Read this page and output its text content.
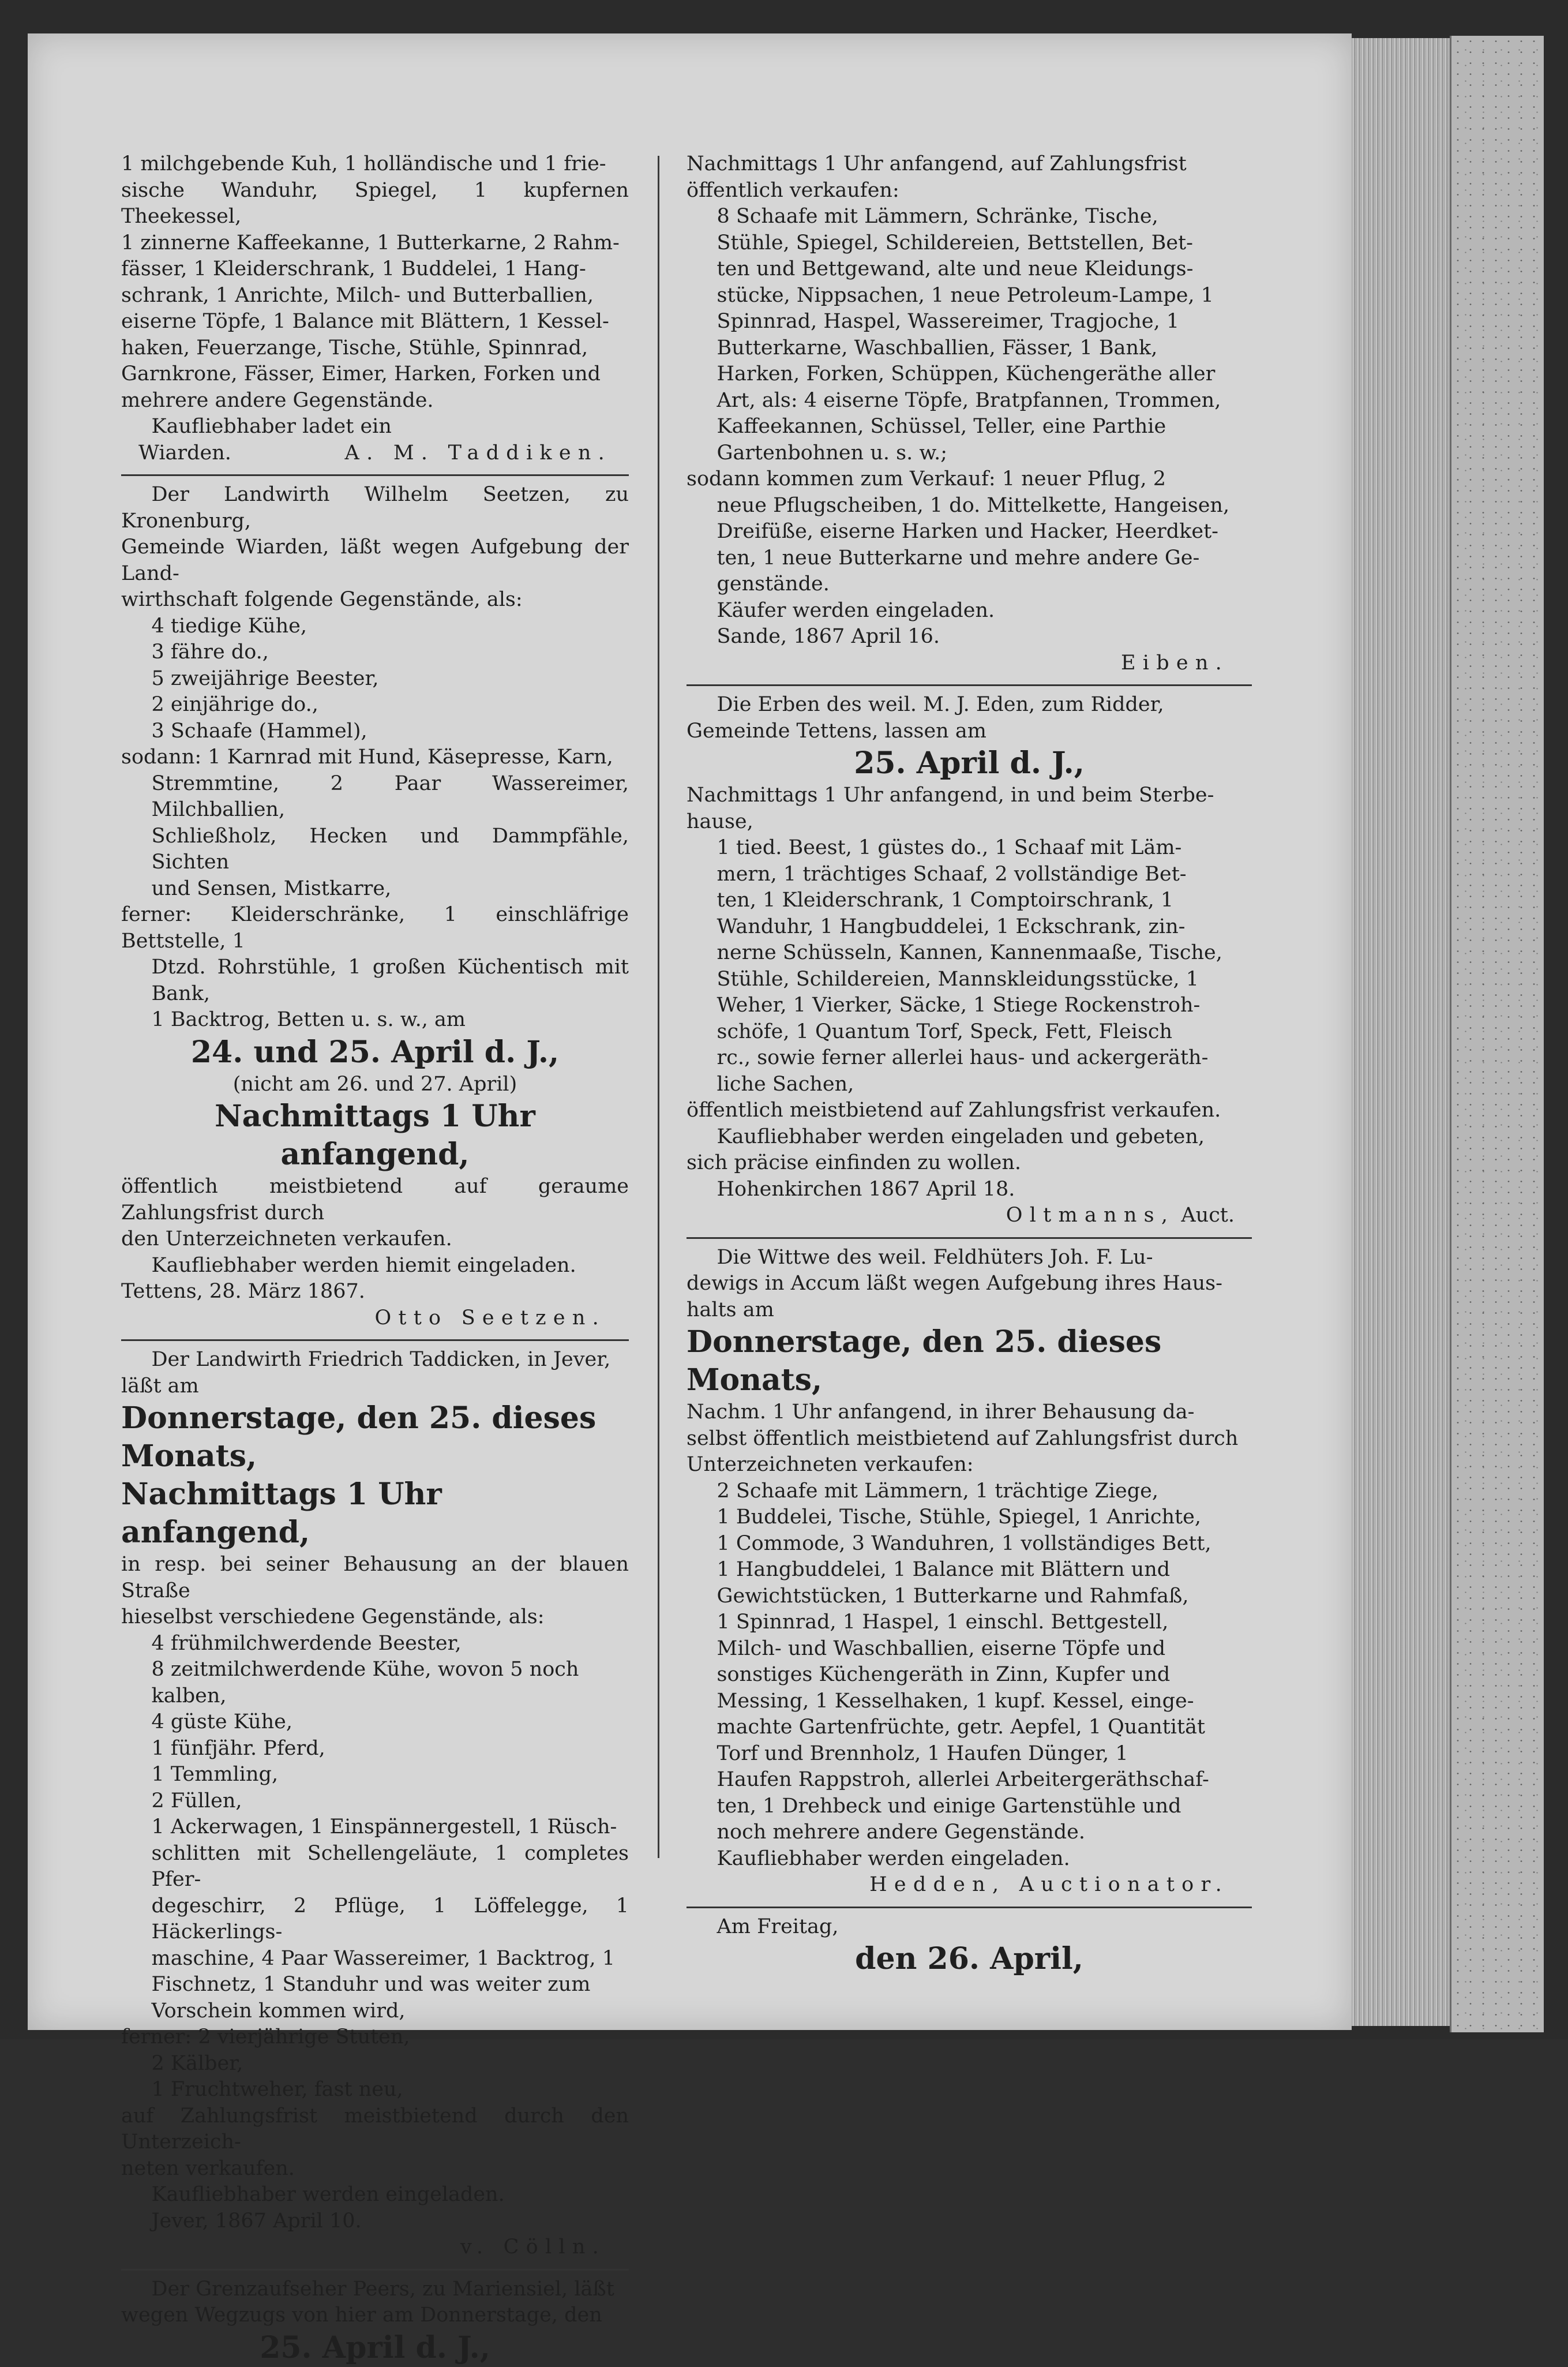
1 milchgebende Kuh, 1 holländische und 1 frie-

sische Wanduhr, Spiegel, 1 kupfernen Theekessel,

1 zinnerne Kaffeekanne, 1 Butterkarne, 2 Rahm-

fässer, 1 Kleiderschrank, 1 Buddelei, 1 Hang-

schrank, 1 Anrichte, Milch- und Butterballien,

eiserne Töpfe, 1 Balance mit Blättern, 1 Kessel-

haken, Feuerzange, Tische, Stühle, Spinnrad,

Garnkrone, Fässer, Eimer, Harken, Forken und

mehrere andere Gegenstände.

Kaufliebhaber ladet ein

Wiarden.	A. M. Taddiken.

Der Landwirth Wilhelm Seetzen, zu Kronenburg,

Gemeinde Wiarden, läßt wegen Aufgebung der Land-

wirthschaft folgende Gegenstände, als:

4 tiedige Kühe,

3 fähre do.,

5 zweijährige Beester,

2 einjährige do.,

3 Schaafe (Hammel),

sodann: 1 Karnrad mit Hund, Käsepresse, Karn,

Stremmtine, 2 Paar Wassereimer, Milchballien,

Schließholz, Hecken und Dammpfähle, Sichten

und Sensen, Mistkarre,

ferner: Kleiderschränke, 1 einschläfrige Bettstelle, 1

Dtzd. Rohrstühle, 1 großen Küchentisch mit Bank,

1 Backtrog, Betten u. s. w., am

24. und 25. April d. J.,

(nicht am 26. und 27. April)

Nachmittags 1 Uhr anfangend,

öffentlich meistbietend auf geraume Zahlungsfrist durch

den Unterzeichneten verkaufen.

Kaufliebhaber werden hiemit eingeladen.

Tettens, 28. März 1867.

Otto Seetzen.

Der Landwirth Friedrich Taddicken, in Jever,

läßt am

Donnerstage, den 25. dieses Monats,

Nachmittags 1 Uhr anfangend,

in resp. bei seiner Behausung an der blauen Straße

hieselbst verschiedene Gegenstände, als:

4 frühmilchwerdende Beester,

8 zeitmilchwerdende Kühe, wovon 5 noch kalben,

4 güste Kühe,

1 fünfjähr. Pferd,

1 Temmling,

2 Füllen,

1 Ackerwagen, 1 Einspännergestell, 1 Rüsch-

schlitten mit Schellengeläute, 1 completes Pfer-

degeschirr, 2 Pflüge, 1 Löffelegge, 1 Häckerlings-

maschine, 4 Paar Wassereimer, 1 Backtrog, 1

Fischnetz, 1 Standuhr und was weiter zum

Vorschein kommen wird,

ferner: 2 vierjährige Stuten,

2 Kälber,

1 Fruchtweher, fast neu,

auf Zahlungsfrist meistbietend durch den Unterzeich-

neten verkaufen.

Kaufliebhaber werden eingeladen.

Jever, 1867 April 10.

v. Cölln.

Der Grenzaufseher Peers, zu Mariensiel, läßt

wegen Wegzugs von hier am Donnerstage, den

25. April d. J.,

Nachmittags 1 Uhr anfangend, auf Zahlungsfrist

öffentlich verkaufen:

8 Schaafe mit Lämmern, Schränke, Tische,

Stühle, Spiegel, Schildereien, Bettstellen, Bet-

ten und Bettgewand, alte und neue Kleidungs-

stücke, Nippsachen, 1 neue Petroleum-Lampe, 1

Spinnrad, Haspel, Wassereimer, Tragjoche, 1

Butterkarne, Waschballien, Fässer, 1 Bank,

Harken, Forken, Schüppen, Küchengeräthe aller

Art, als: 4 eiserne Töpfe, Bratpfannen, Trommen,

Kaffeekannen, Schüssel, Teller, eine Parthie

Gartenbohnen u. s. w.;

sodann kommen zum Verkauf: 1 neuer Pflug, 2

neue Pflugscheiben, 1 do. Mittelkette, Hangeisen,

Dreifüße, eiserne Harken und Hacker, Heerdket-

ten, 1 neue Butterkarne und mehre andere Ge-

genstände.

Käufer werden eingeladen.

Sande, 1867 April 16.

Eiben.

Die Erben des weil. M. J. Eden, zum Ridder,

Gemeinde Tettens, lassen am

25. April d. J.,

Nachmittags 1 Uhr anfangend, in und beim Sterbe-

hause,

1 tied. Beest, 1 güstes do., 1 Schaaf mit Läm-

mern, 1 trächtiges Schaaf, 2 vollständige Bet-

ten, 1 Kleiderschrank, 1 Comptoirschrank, 1

Wanduhr, 1 Hangbuddelei, 1 Eckschrank, zin-

nerne Schüsseln, Kannen, Kannenmaaße, Tische,

Stühle, Schildereien, Mannskleidungsstücke, 1

Weher, 1 Vierker, Säcke, 1 Stiege Rockenstroh-

schöfe, 1 Quantum Torf, Speck, Fett, Fleisch

rc., sowie ferner allerlei haus- und ackergeräth-

liche Sachen,

öffentlich meistbietend auf Zahlungsfrist verkaufen.

Kaufliebhaber werden eingeladen und gebeten,

sich präcise einfinden zu wollen.

Hohenkirchen 1867 April 18.

Oltmanns, Auct.

Die Wittwe des weil. Feldhüters Joh. F. Lu-

dewigs in Accum läßt wegen Aufgebung ihres Haus-

halts am

Donnerstage, den 25. dieses Monats,

Nachm. 1 Uhr anfangend, in ihrer Behausung da-

selbst öffentlich meistbietend auf Zahlungsfrist durch

Unterzeichneten verkaufen:

2 Schaafe mit Lämmern, 1 trächtige Ziege,

1 Buddelei, Tische, Stühle, Spiegel, 1 Anrichte,

1 Commode, 3 Wanduhren, 1 vollständiges Bett,

1 Hangbuddelei, 1 Balance mit Blättern und

Gewichtstücken, 1 Butterkarne und Rahmfaß,

1 Spinnrad, 1 Haspel, 1 einschl. Bettgestell,

Milch- und Waschballien, eiserne Töpfe und

sonstiges Küchengeräth in Zinn, Kupfer und

Messing, 1 Kesselhaken, 1 kupf. Kessel, einge-

machte Gartenfrüchte, getr. Aepfel, 1 Quantität

Torf und Brennholz, 1 Haufen Dünger, 1

Haufen Rappstroh, allerlei Arbeitergeräthschaf-

ten, 1 Drehbeck und einige Gartenstühle und

noch mehrere andere Gegenstände.

Kaufliebhaber werden eingeladen.

Hedden, Auctionator.

Am Freitag,

den 26. April,
